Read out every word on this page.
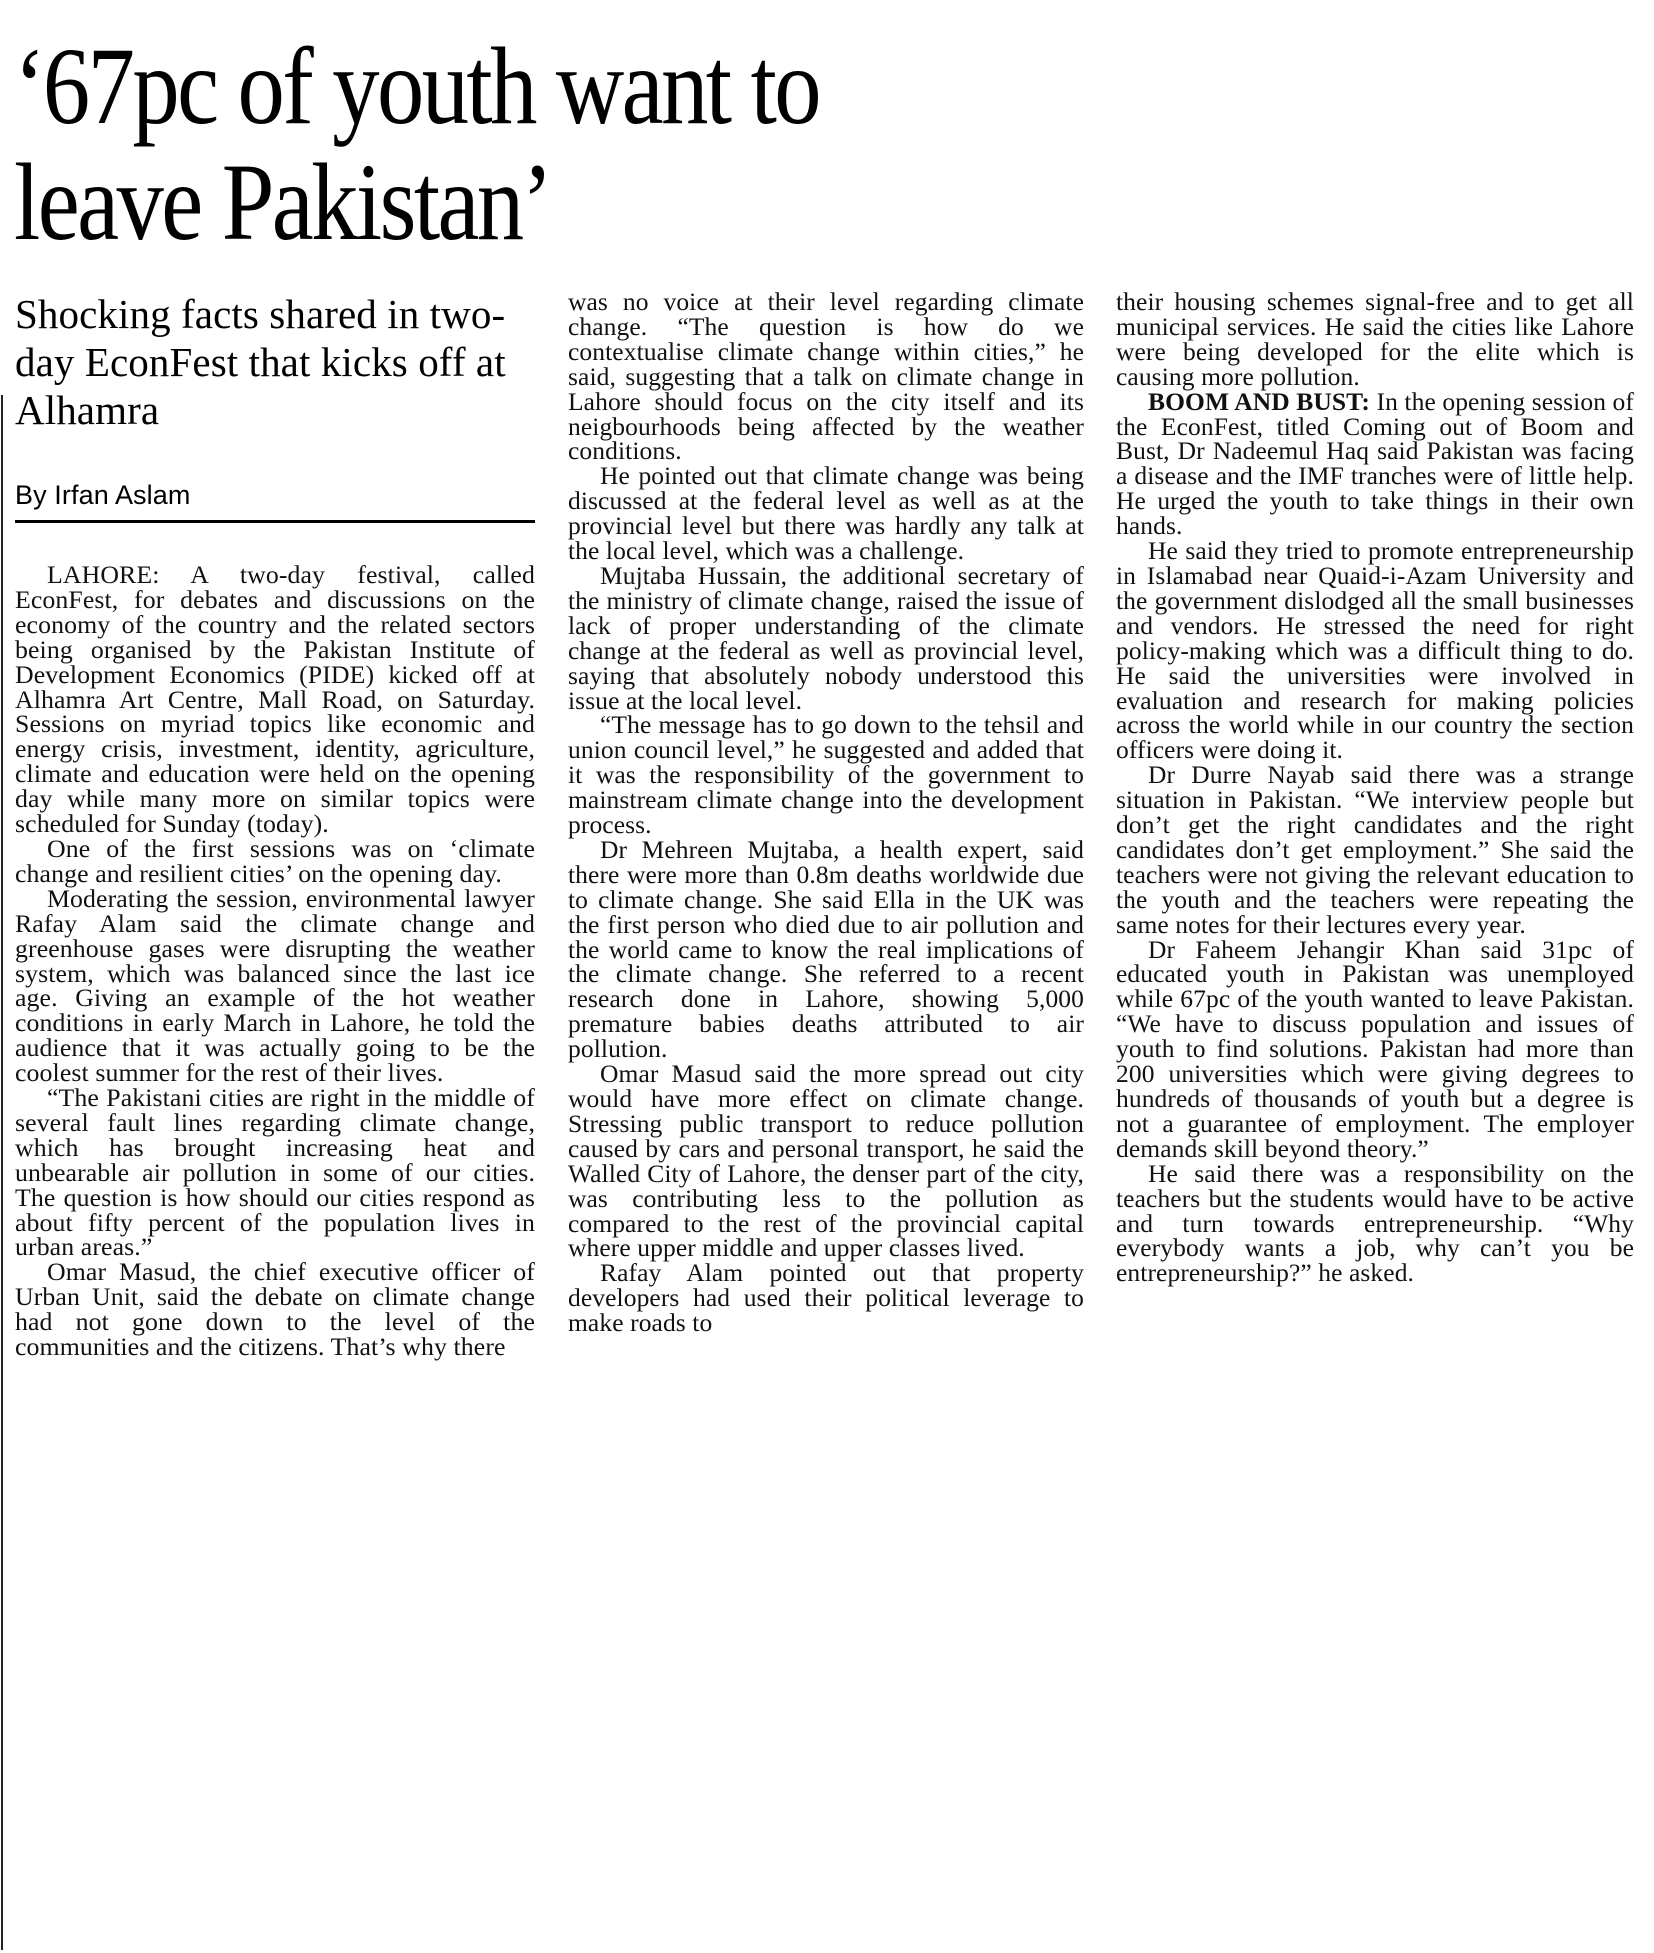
‘67pc of youth want to
leave Pakistan’
Shocking facts shared in two-day EconFest that kicks off at Alhamra
By Irfan Aslam

LAHORE: A two-day festival, called EconFest, for debates and discussions on the economy of the country and the related sectors being organised by the Pakistan Institute of Development Economics (PIDE) kicked off at Alhamra Art Centre, Mall Road, on Saturday. Sessions on myriad topics like economic and energy crisis, investment, identity, agriculture, climate and education were held on the opening day while many more on similar topics were scheduled for Sunday (today).

One of the first sessions was on ‘climate change and resilient cities’ on the opening day.

Moderating the session, environmental lawyer Rafay Alam said the climate change and greenhouse gases were disrupting the weather system, which was balanced since the last ice age. Giving an example of the hot weather conditions in early March in Lahore, he told the audience that it was actually going to be the coolest summer for the rest of their lives.

“The Pakistani cities are right in the middle of several fault lines regarding climate change, which has brought increasing heat and unbearable air pollution in some of our cities. The question is how should our cities respond as about fifty percent of the population lives in urban areas.”

Omar Masud, the chief executive officer of Urban Unit, said the debate on climate change had not gone down to the level of the communities and the citizens. That’s why there

was no voice at their level regarding climate change. “The question is how do we contextualise climate change within cities,” he said, suggesting that a talk on climate change in Lahore should focus on the city itself and its neigbourhoods being affected by the weather conditions.

He pointed out that climate change was being discussed at the federal level as well as at the provincial level but there was hardly any talk at the local level, which was a challenge.

Mujtaba Hussain, the additional secretary of the ministry of climate change, raised the issue of lack of proper understanding of the climate change at the federal as well as provincial level, saying that absolutely nobody understood this issue at the local level.

“The message has to go down to the tehsil and union council level,” he suggested and added that it was the responsibility of the government to mainstream climate change into the development process.

Dr Mehreen Mujtaba, a health expert, said there were more than 0.8m deaths worldwide due to climate change. She said Ella in the UK was the first person who died due to air pollution and the world came to know the real implications of the climate change. She referred to a recent research done in Lahore, showing 5,000 premature babies deaths attributed to air pollution.

Omar Masud said the more spread out city would have more effect on climate change. Stressing public transport to reduce pollution caused by cars and personal transport, he said the Walled City of Lahore, the denser part of the city, was contributing less to the pollution as compared to the rest of the provincial capital where upper middle and upper classes lived.

Rafay Alam pointed out that property developers had used their political leverage to make roads to

their housing schemes signal-free and to get all municipal services. He said the cities like Lahore were being developed for the elite which is causing more pollution.

BOOM AND BUST: In the opening session of the EconFest, titled Coming out of Boom and Bust, Dr Nadeemul Haq said Pakistan was facing a disease and the IMF tranches were of little help. He urged the youth to take things in their own hands.

He said they tried to promote entrepreneurship in Islamabad near Quaid-i-Azam University and the government dislodged all the small businesses and vendors. He stressed the need for right policy-making which was a difficult thing to do. He said the universities were involved in evaluation and research for making policies across the world while in our country the section officers were doing it.

Dr Durre Nayab said there was a strange situation in Pakistan. “We interview people but don’t get the right candidates and the right candidates don’t get employment.” She said the teachers were not giving the relevant education to the youth and the teachers were repeating the same notes for their lectures every year.

Dr Faheem Jehangir Khan said 31pc of educated youth in Pakistan was unemployed while 67pc of the youth wanted to leave Pakistan. “We have to discuss population and issues of youth to find solutions. Pakistan had more than 200 universities which were giving degrees to hundreds of thousands of youth but a degree is not a guarantee of employment. The employer demands skill beyond theory.”

He said there was a responsibility on the teachers but the students would have to be active and turn towards entrepreneurship. “Why everybody wants a job, why can’t you be entrepreneurship?” he asked.
